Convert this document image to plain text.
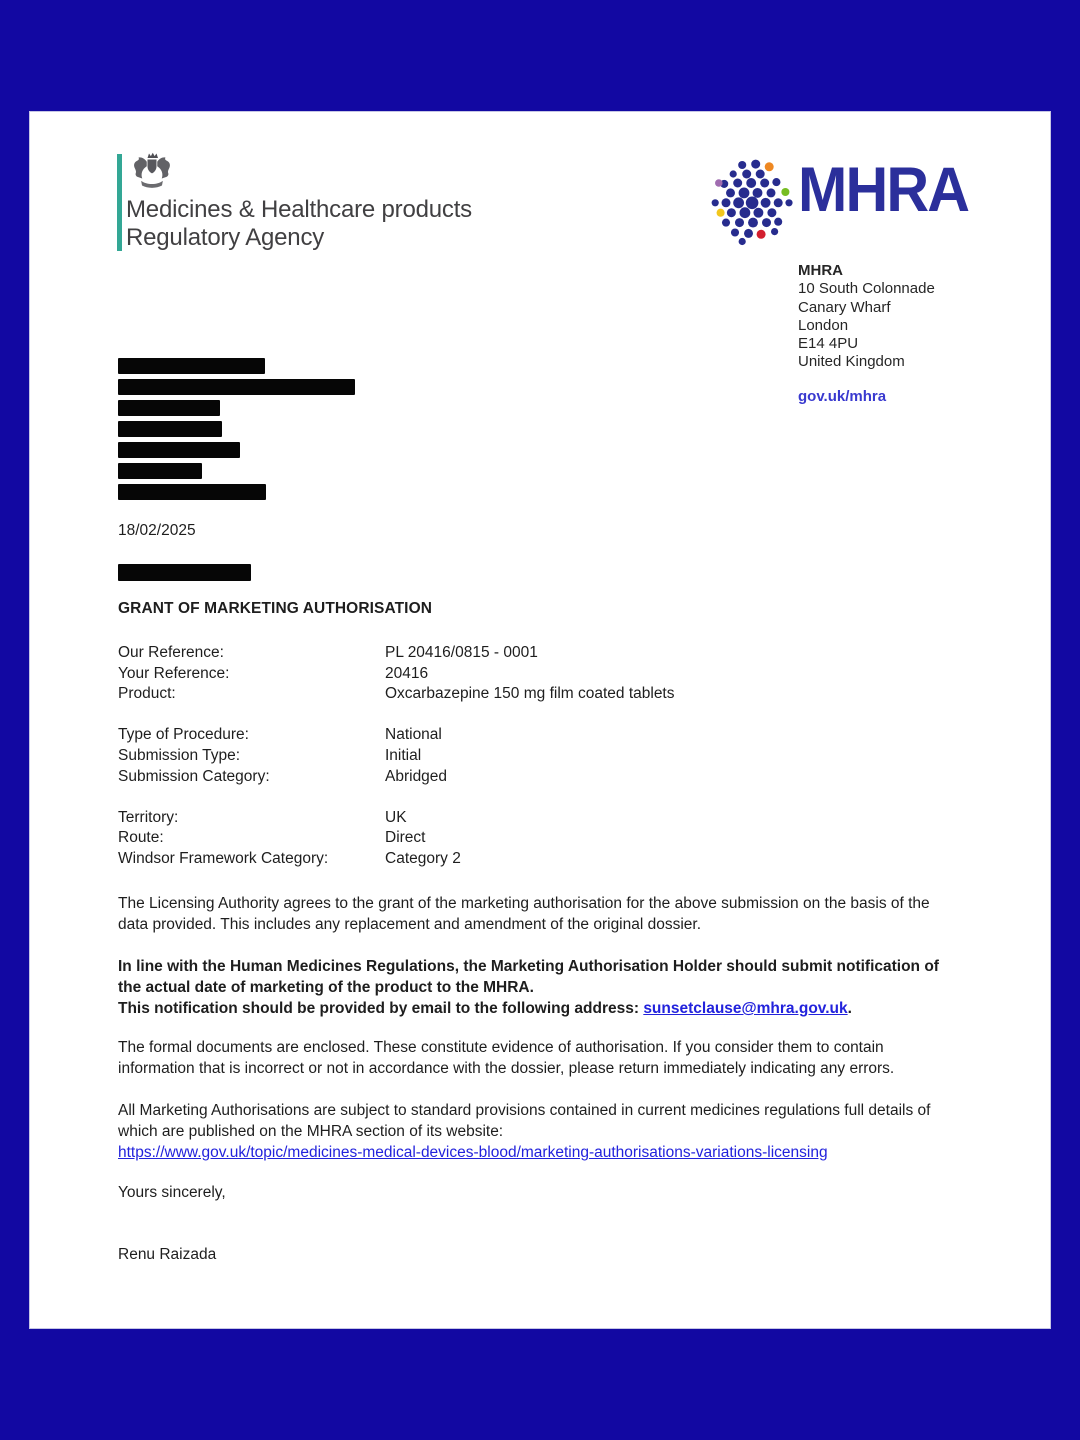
Medicines & Healthcare products
Regulatory Agency
MHRA
MHRA
10 South Colonnade
Canary Wharf
London
E14 4PU
United Kingdom
gov.uk/mhra
18/02/2025
GRANT OF MARKETING AUTHORISATION
Our Reference:	PL 20416/0815 - 0001
Your Reference:	20416
Product:	Oxcarbazepine 150 mg film coated tablets
Type of Procedure:	National
Submission Type:	Initial
Submission Category:	Abridged
Territory:	UK
Route:	Direct
Windsor Framework Category:	Category 2
The Licensing Authority agrees to the grant of the marketing authorisation for the above submission on the basis of the data provided. This includes any replacement and amendment of the original dossier.
In line with the Human Medicines Regulations, the Marketing Authorisation Holder should submit notification of the actual date of marketing of the product to the MHRA.
This notification should be provided by email to the following address: sunsetclause@mhra.gov.uk.
The formal documents are enclosed. These constitute evidence of authorisation. If you consider them to contain information that is incorrect or not in accordance with the dossier, please return immediately indicating any errors.
All Marketing Authorisations are subject to standard provisions contained in current medicines regulations full details of which are published on the MHRA section of its website:
https://www.gov.uk/topic/medicines-medical-devices-blood/marketing-authorisations-variations-licensing
Yours sincerely,
Renu Raizada
